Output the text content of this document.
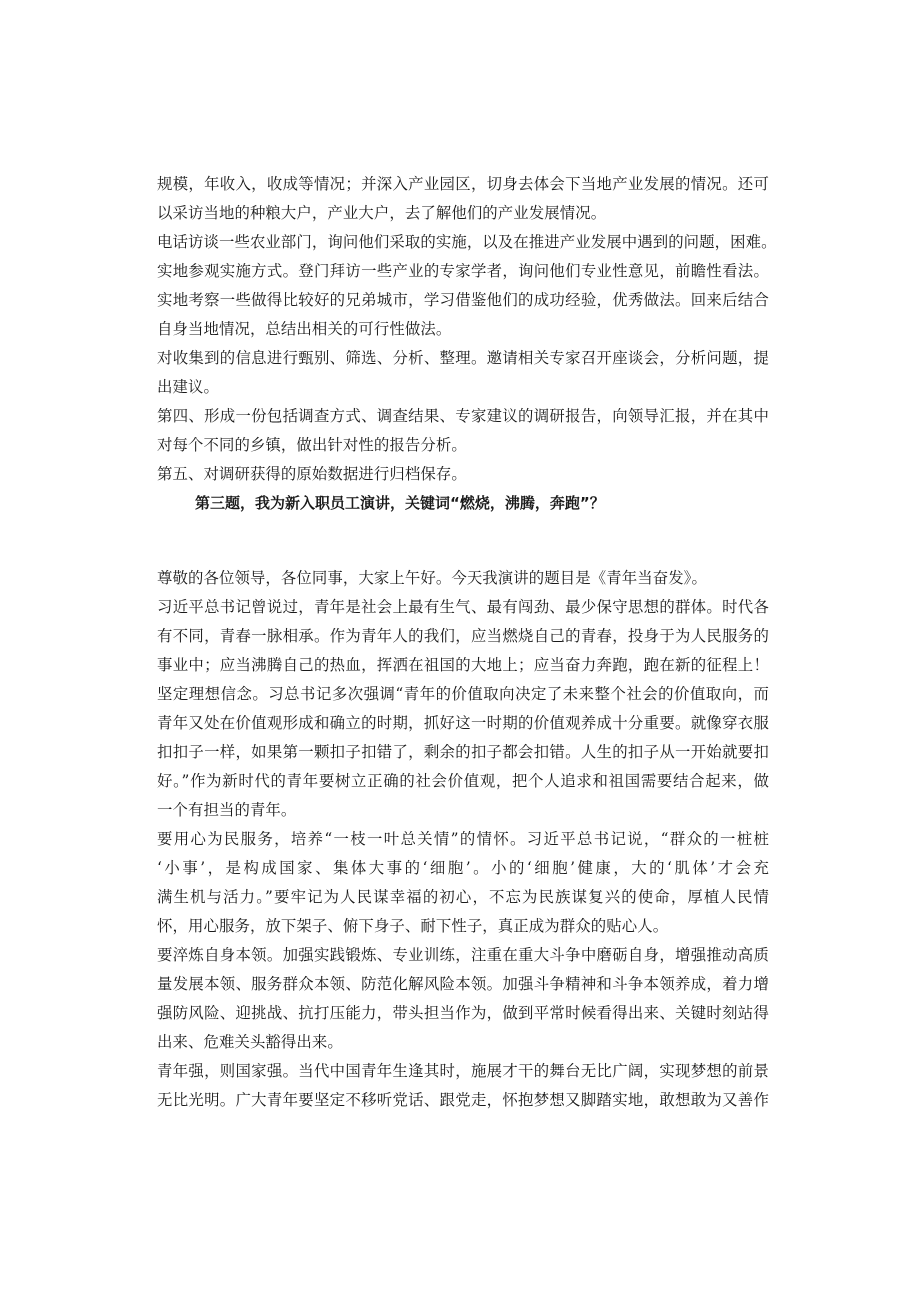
规模，年收入，收成等情况；并深入产业园区，切身去体会下当地产业发展的情况。还可
以采访当地的种粮大户，产业大户，去了解他们的产业发展情况。
电话访谈一些农业部门，询问他们采取的实施，以及在推进产业发展中遇到的问题，困难。
实地参观实施方式。登门拜访一些产业的专家学者，询问他们专业性意见，前瞻性看法。
实地考察一些做得比较好的兄弟城市，学习借鉴他们的成功经验，优秀做法。回来后结合
自身当地情况，总结出相关的可行性做法。
对收集到的信息进行甄别、筛选、分析、整理。邀请相关专家召开座谈会，分析问题，提
出建议。
第四、形成一份包括调查方式、调查结果、专家建议的调研报告，向领导汇报，并在其中
对每个不同的乡镇，做出针对性的报告分析。
第五、对调研获得的原始数据进行归档保存。
第三题，我为新入职员工演讲，关键词“燃烧，沸腾，奔跑”？
尊敬的各位领导，各位同事，大家上午好。今天我演讲的题目是《青年当奋发》。
习近平总书记曾说过，青年是社会上最有生气、最有闯劲、最少保守思想的群体。时代各
有不同，青春一脉相承。作为青年人的我们，应当燃烧自己的青春，投身于为人民服务的
事业中；应当沸腾自己的热血，挥洒在祖国的大地上；应当奋力奔跑，跑在新的征程上！
坚定理想信念。习总书记多次强调“青年的价值取向决定了未来整个社会的价值取向，而
青年又处在价值观形成和确立的时期，抓好这一时期的价值观养成十分重要。就像穿衣服
扣扣子一样，如果第一颗扣子扣错了，剩余的扣子都会扣错。人生的扣子从一开始就要扣
好。”作为新时代的青年要树立正确的社会价值观，把个人追求和祖国需要结合起来，做
一个有担当的青年。
要用心为民服务，培养“一枝一叶总关情”的情怀。习近平总书记说，“群众的一桩桩
‘小事’，是构成国家、集体大事的‘细胞’。小的‘细胞’健康，大的‘肌体’才会充
满生机与活力。”要牢记为人民谋幸福的初心，不忘为民族谋复兴的使命，厚植人民情
怀，用心服务，放下架子、俯下身子、耐下性子，真正成为群众的贴心人。
要淬炼自身本领。加强实践锻炼、专业训练，注重在重大斗争中磨砺自身，增强推动高质
量发展本领、服务群众本领、防范化解风险本领。加强斗争精神和斗争本领养成，着力增
强防风险、迎挑战、抗打压能力，带头担当作为，做到平常时候看得出来、关键时刻站得
出来、危难关头豁得出来。
青年强，则国家强。当代中国青年生逢其时，施展才干的舞台无比广阔，实现梦想的前景
无比光明。广大青年要坚定不移听党话、跟党走，怀抱梦想又脚踏实地，敢想敢为又善作
